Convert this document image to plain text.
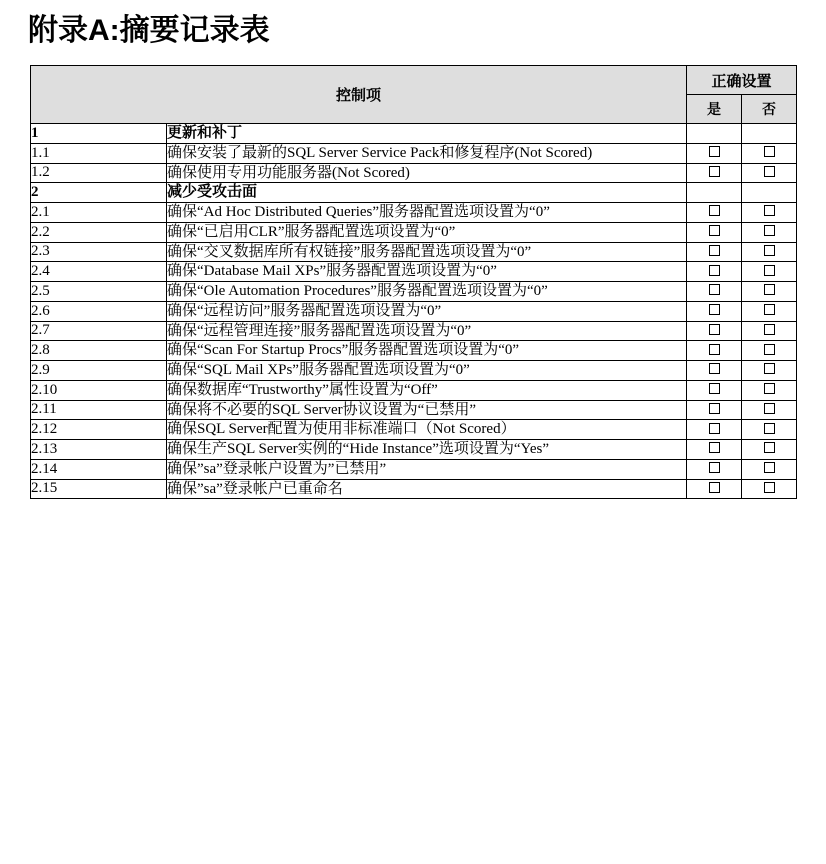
附录A:摘要记录表
控制项		正确设置	
		是	否
1	更新和补丁		
1.1	确保安装了最新的SQL Server Service Pack和修复程序(Not Scored)		
1.2	确保使用专用功能服务器(Not Scored)		
2	减少受攻击面		
2.1	确保“Ad Hoc Distributed Queries”服务器配置选项设置为“0”		
2.2	确保“已启用CLR”服务器配置选项设置为“0”		
2.3	确保“交叉数据库所有权链接”服务器配置选项设置为“0”		
2.4	确保“Database Mail XPs”服务器配置选项设置为“0”		
2.5	确保“Ole Automation Procedures”服务器配置选项设置为“0”		
2.6	确保“远程访问”服务器配置选项设置为“0”		
2.7	确保“远程管理连接”服务器配置选项设置为“0”		
2.8	确保“Scan For Startup Procs”服务器配置选项设置为“0”		
2.9	确保“SQL Mail XPs”服务器配置选项设置为“0”		
2.10	确保数据库“Trustworthy”属性设置为“Off”		
2.11	确保将不必要的SQL Server协议设置为“已禁用”		
2.12	确保SQL Server配置为使用非标准端口（Not Scored）		
2.13	确保生产SQL Server实例的“Hide Instance”选项设置为“Yes”		
2.14	确保”sa”登录帐户设置为”已禁用”		
2.15	确保”sa”登录帐户已重命名		
